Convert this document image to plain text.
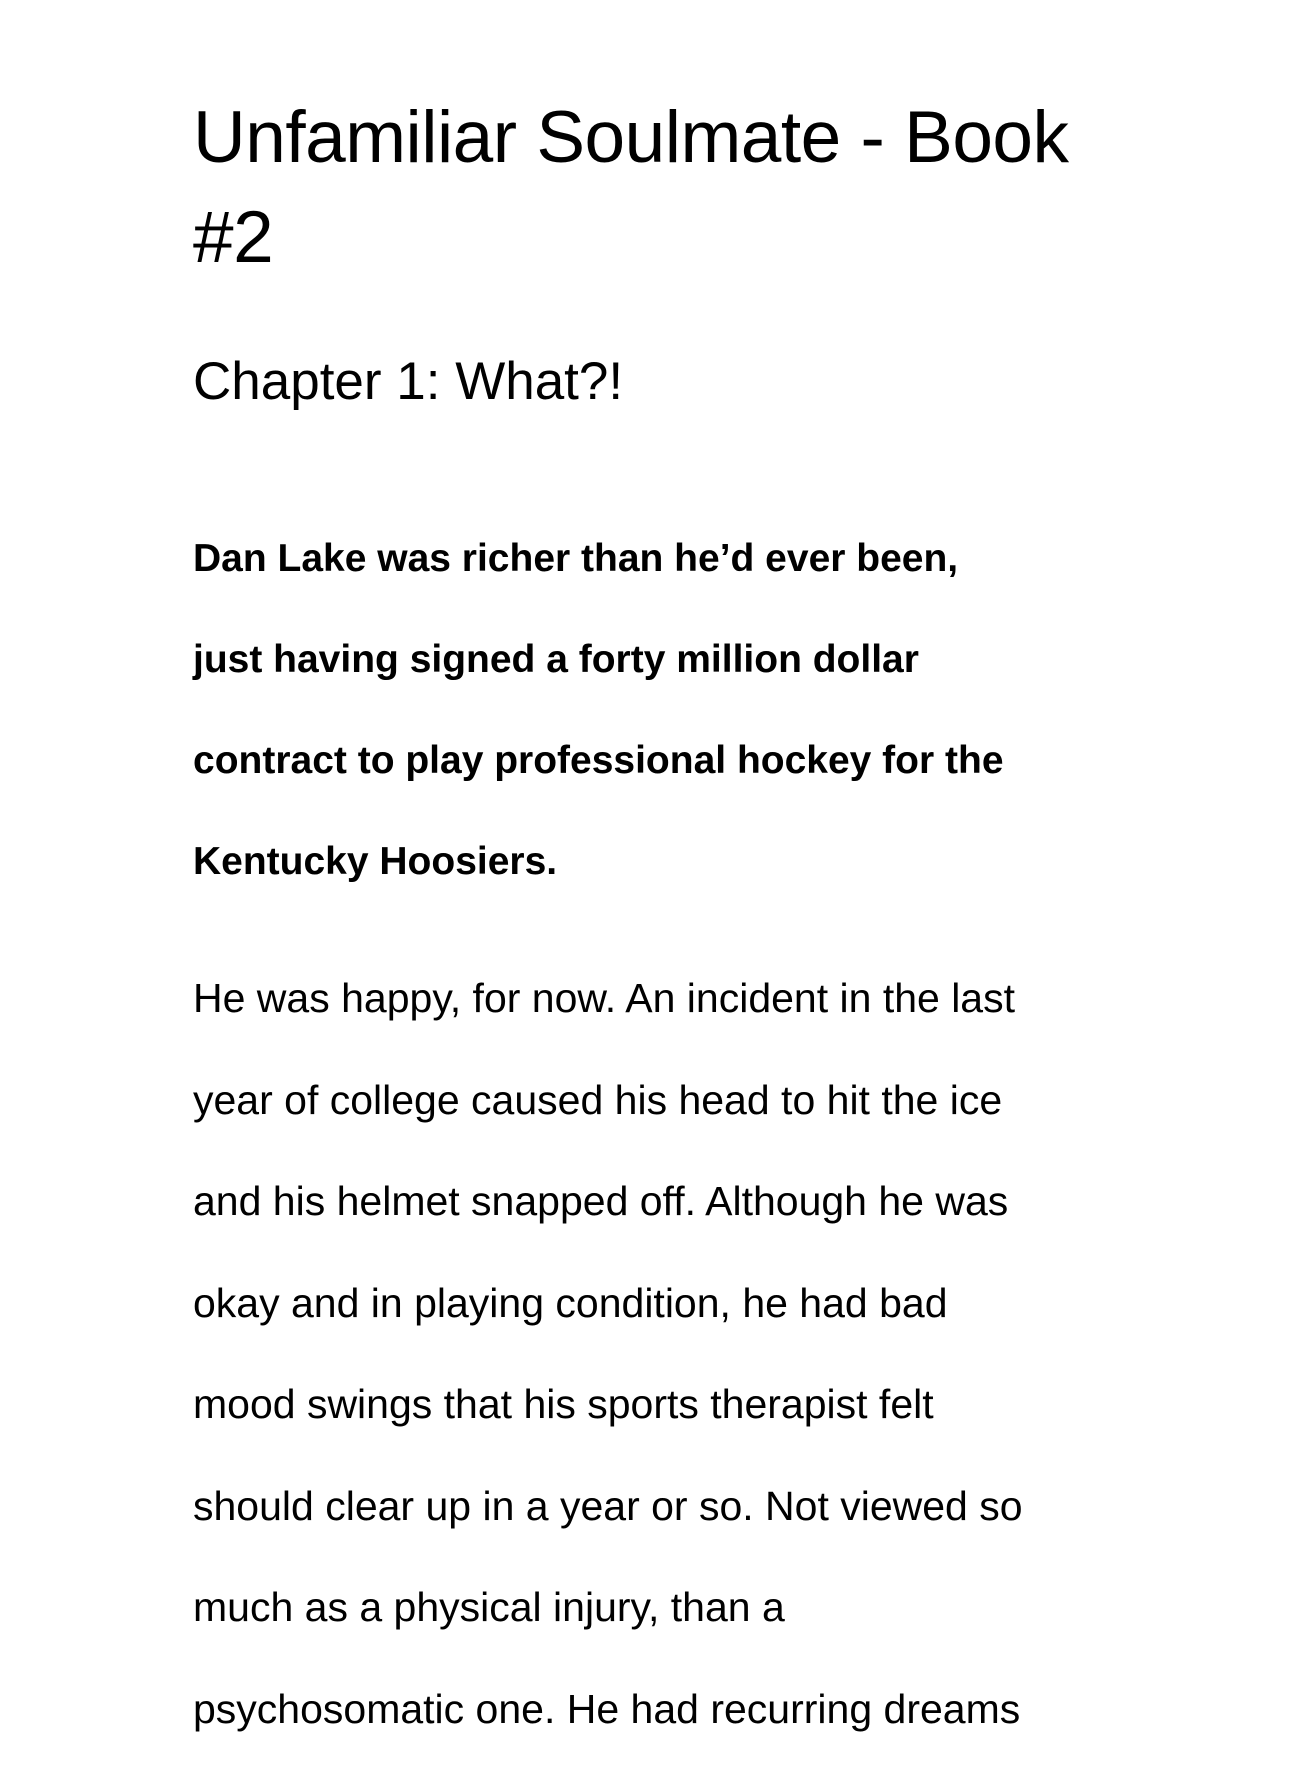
Unfamiliar Soulmate - Book
#2
Chapter 1: What?!

Dan Lake was richer than he’d ever been,
just having signed a forty million dollar
contract to play professional hockey for the
Kentucky Hoosiers.

He was happy, for now. An incident in the last
year of college caused his head to hit the ice
and his helmet snapped off. Although he was
okay and in playing condition, he had bad
mood swings that his sports therapist felt
should clear up in a year or so. Not viewed so
much as a physical injury, than a
psychosomatic one. He had recurring dreams
